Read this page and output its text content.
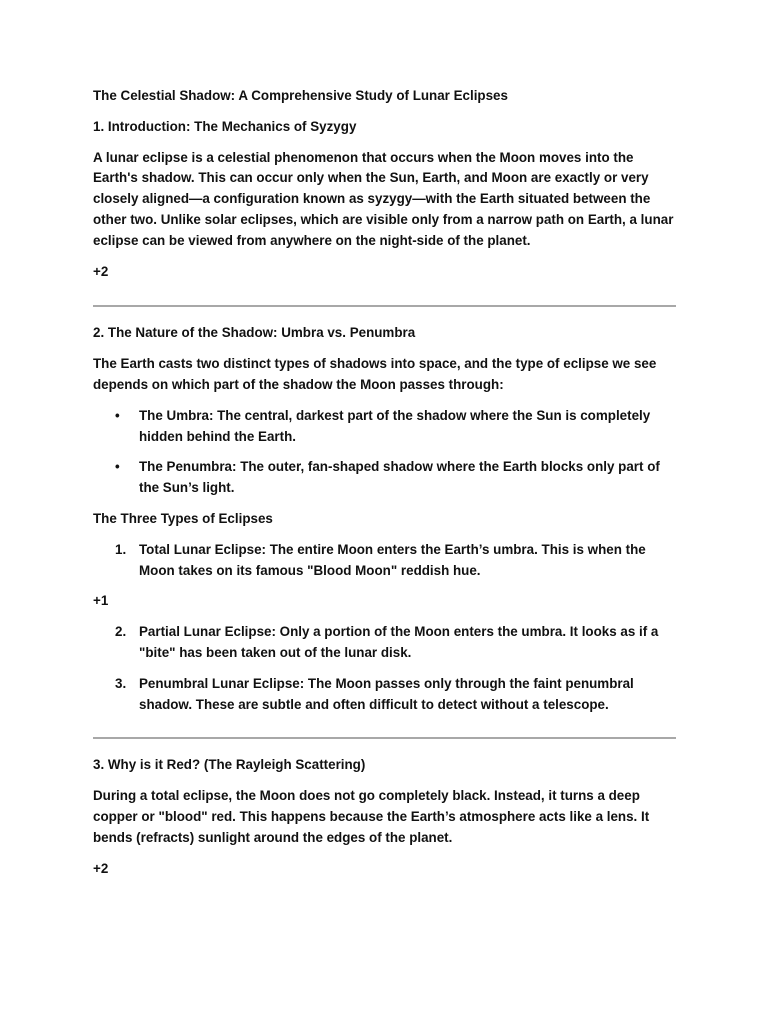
The Celestial Shadow: A Comprehensive Study of Lunar Eclipses

1. Introduction: The Mechanics of Syzygy

A lunar eclipse is a celestial phenomenon that occurs when the Moon moves into the Earth's shadow. This can occur only when the Sun, Earth, and Moon are exactly or very closely aligned—a configuration known as syzygy—with the Earth situated between the other two. Unlike solar eclipses, which are visible only from a narrow path on Earth, a lunar eclipse can be viewed from anywhere on the night-side of the planet.

+2

2. The Nature of the Shadow: Umbra vs. Penumbra

The Earth casts two distinct types of shadows into space, and the type of eclipse we see depends on which part of the shadow the Moon passes through:

• The Umbra: The central, darkest part of the shadow where the Sun is completely hidden behind the Earth.
• The Penumbra: The outer, fan-shaped shadow where the Earth blocks only part of the Sun’s light.

The Three Types of Eclipses

1. Total Lunar Eclipse: The entire Moon enters the Earth’s umbra. This is when the Moon takes on its famous "Blood Moon" reddish hue.

+1

2. Partial Lunar Eclipse: Only a portion of the Moon enters the umbra. It looks as if a "bite" has been taken out of the lunar disk.
3. Penumbral Lunar Eclipse: The Moon passes only through the faint penumbral shadow. These are subtle and often difficult to detect without a telescope.

3. Why is it Red? (The Rayleigh Scattering)

During a total eclipse, the Moon does not go completely black. Instead, it turns a deep copper or "blood" red. This happens because the Earth’s atmosphere acts like a lens. It bends (refracts) sunlight around the edges of the planet.

+2
